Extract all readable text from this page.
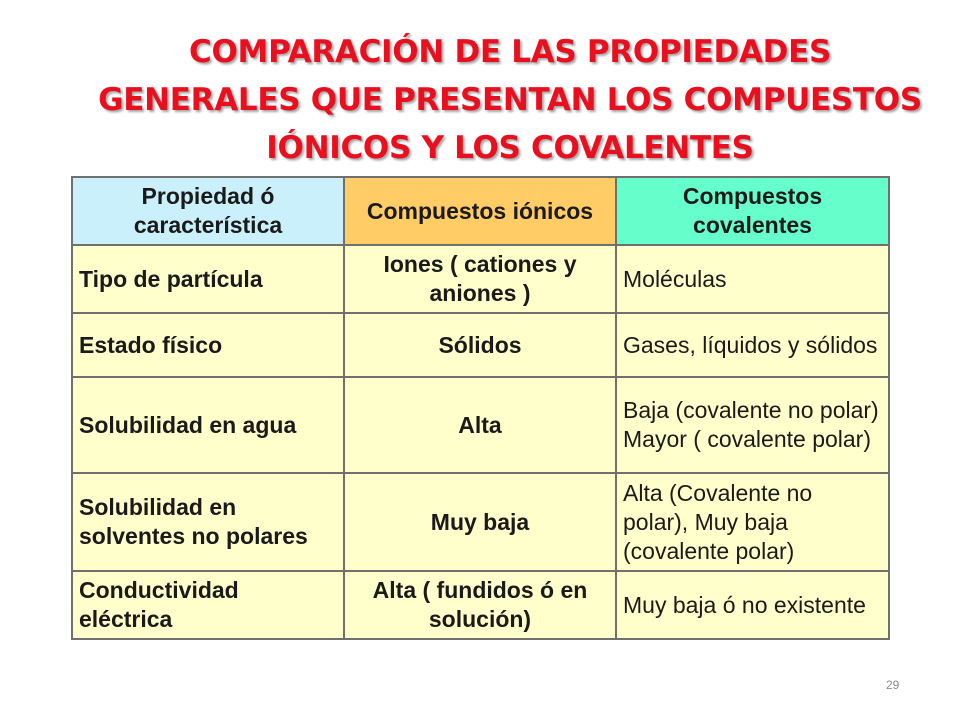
COMPARACIÓN DE LAS PROPIEDADES
GENERALES QUE PRESENTAN LOS COMPUESTOS
IÓNICOS Y LOS COVALENTES
Propiedad ó característica	Compuestos iónicos	Compuestos covalentes
Tipo de partícula	Iones ( cationes y aniones )	Moléculas
Estado físico	Sólidos	Gases, líquidos y sólidos
Solubilidad en agua	Alta	Baja (covalente no polar) Mayor ( covalente polar)
Solubilidad en solventes no polares	Muy baja	Alta (Covalente no polar), Muy baja (covalente polar)
Conductividad eléctrica	Alta ( fundidos ó en solución)	Muy baja ó no existente
29
